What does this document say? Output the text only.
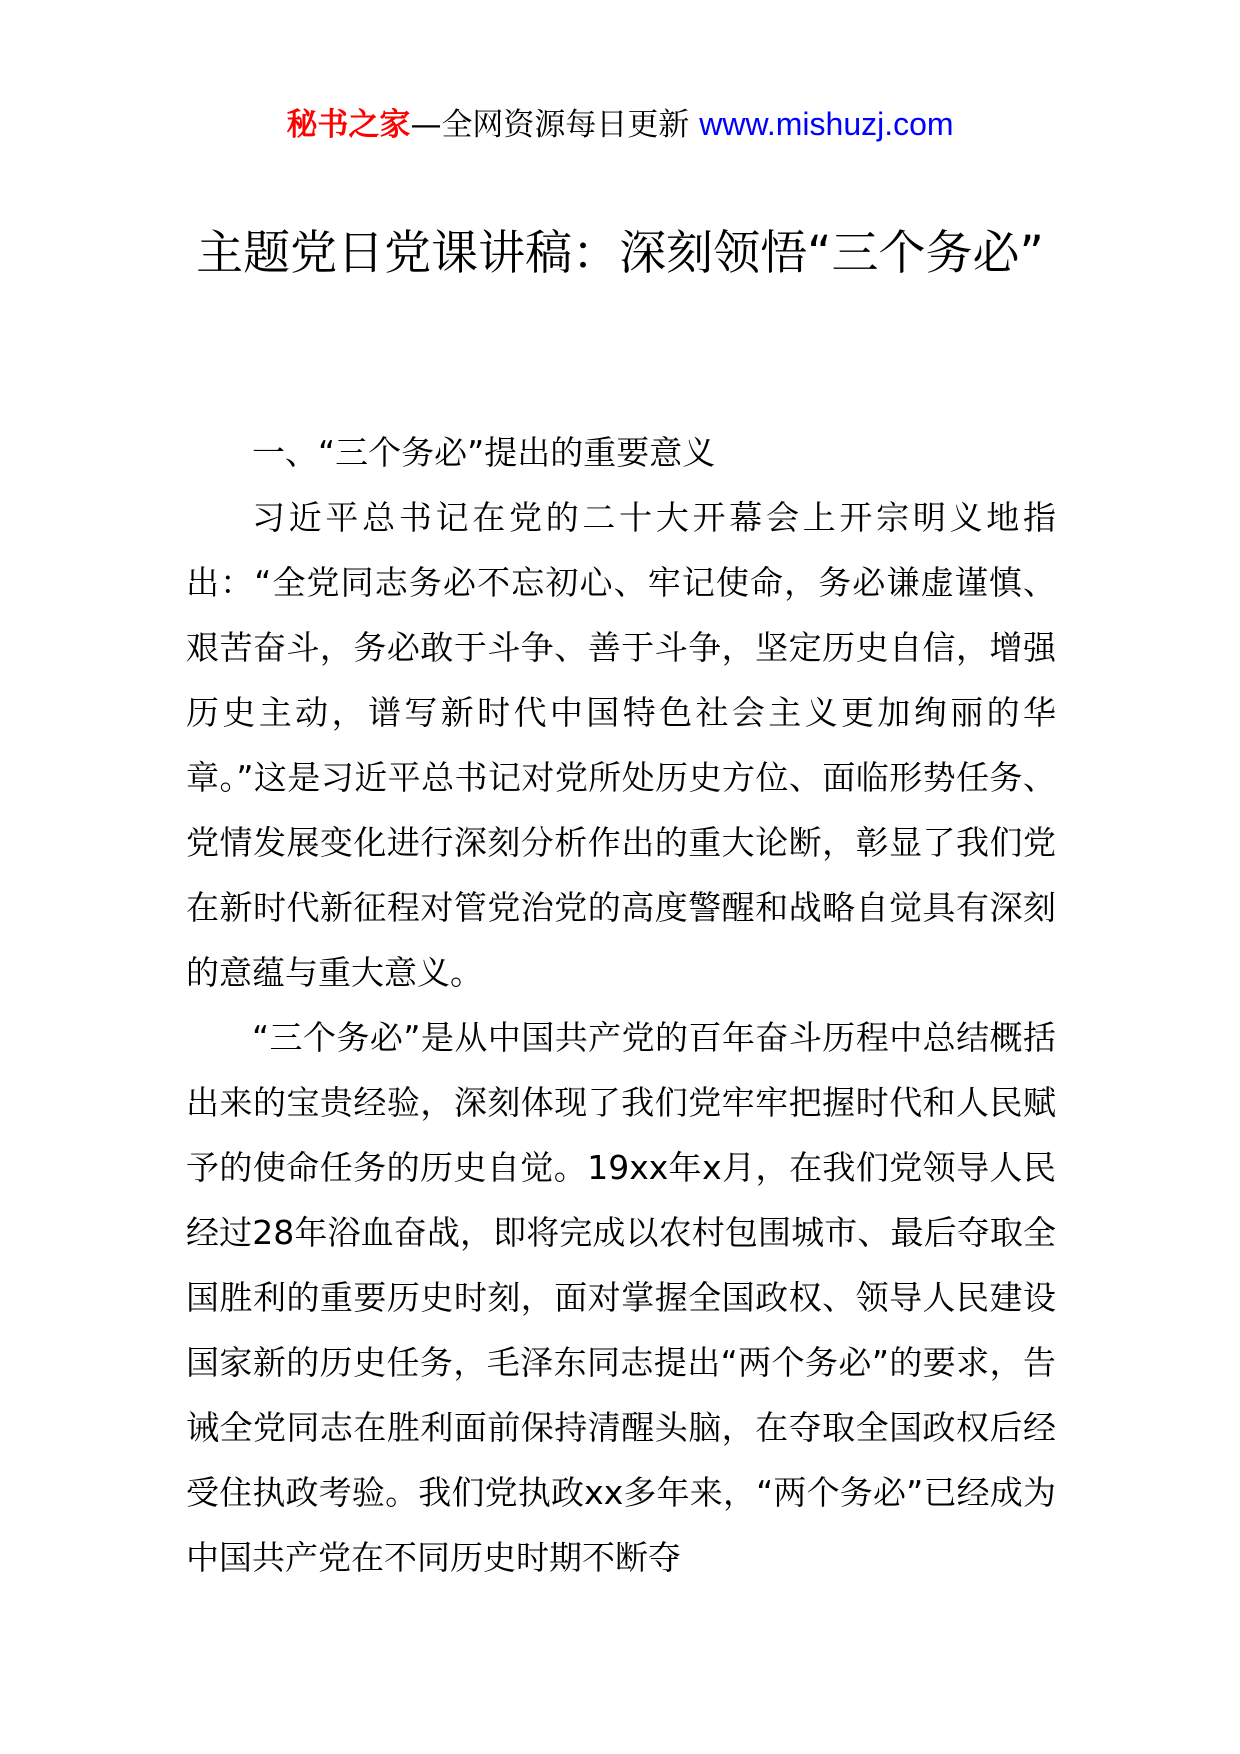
秘书之家—全网资源每日更新 www.mishuzj.com
主题党日党课讲稿：深刻领悟“三个务必”
一、“三个务必”提出的重要意义
习近平总书记在党的二十大开幕会上开宗明义地指出：“全党同志务必不忘初心、牢记使命，务必谦虚谨慎、艰苦奋斗，务必敢于斗争、善于斗争，坚定历史自信，增强历史主动，谱写新时代中国特色社会主义更加绚丽的华章。”这是习近平总书记对党所处历史方位、面临形势任务、党情发展变化进行深刻分析作出的重大论断，彰显了我们党在新时代新征程对管党治党的高度警醒和战略自觉具有深刻的意蕴与重大意义。
“三个务必”是从中国共产党的百年奋斗历程中总结概括出来的宝贵经验，深刻体现了我们党牢牢把握时代和人民赋予的使命任务的历史自觉。19xx年x月，在我们党领导人民经过28年浴血奋战，即将完成以农村包围城市、最后夺取全国胜利的重要历史时刻，面对掌握全国政权、领导人民建设国家新的历史任务，毛泽东同志提出“两个务必”的要求，告诫全党同志在胜利面前保持清醒头脑，在夺取全国政权后经受住执政考验。我们党执政xx多年来，“两个务必”已经成为中国共产党在不同历史时期不断夺
